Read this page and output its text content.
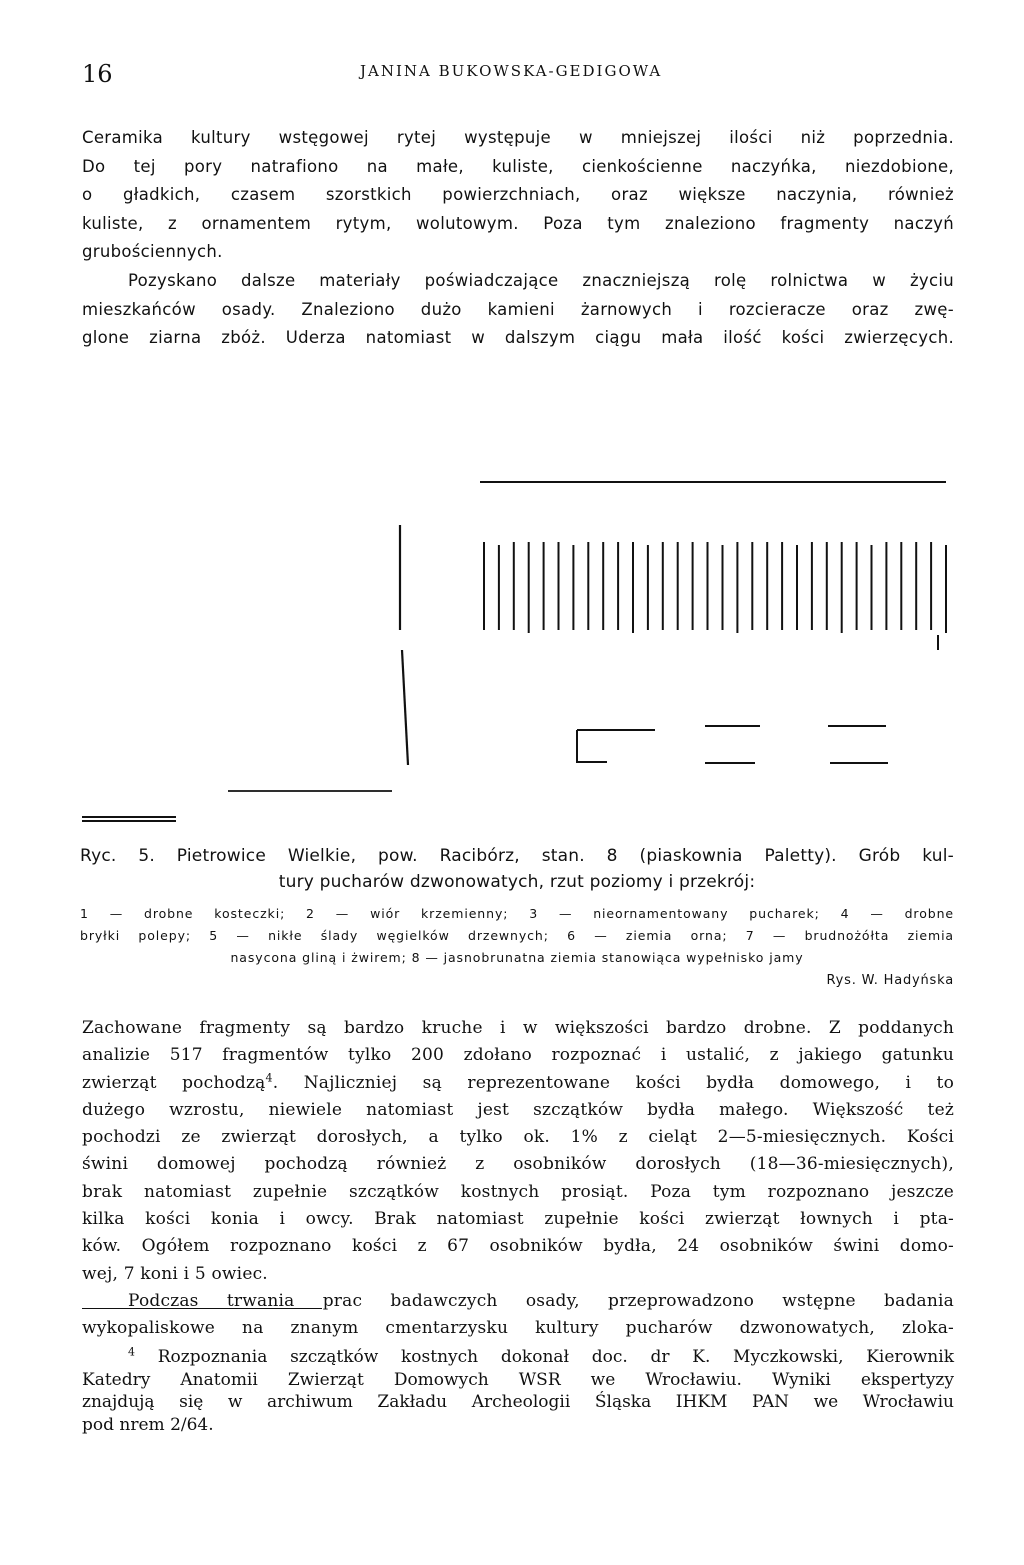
16	JANINA BUKOWSKA-GEDIGOWA
Ceramika kultury wstęgowej rytej występuje w mniejszej ilości niż poprzednia.
Do tej pory natrafiono na małe, kuliste, cienkościenne naczyńka, niezdobione,
o gładkich, czasem szorstkich powierzchniach, oraz większe naczynia, również
kuliste, z ornamentem rytym, wolutowym. Poza tym znaleziono fragmenty naczyń
grubościennych.
Pozyskano dalsze materiały poświadczające znaczniejszą rolę rolnictwa w życiu
mieszkańców osady. Znaleziono dużo kamieni żarnowych i rozcieracze oraz zwę-
glone ziarna zbóż. Uderza natomiast w dalszym ciągu mała ilość kości zwierzęcych.
Ryc. 5. Pietrowice Wielkie, pow. Racibórz, stan. 8 (piaskownia Paletty). Grób kul-
tury pucharów dzwonowatych, rzut poziomy i przekrój:
1 — drobne kosteczki; 2 — wiór krzemienny; 3 — nieornamentowany pucharek; 4 — drobne
bryłki polepy; 5 — nikłe ślady węgielków drzewnych; 6 — ziemia orna; 7 — brudnożółta ziemia
nasycona gliną i żwirem; 8 — jasnobrunatna ziemia stanowiąca wypełnisko jamy
Rys. W. Hadyńska
Zachowane fragmenty są bardzo kruche i w większości bardzo drobne. Z poddanych
analizie 517 fragmentów tylko 200 zdołano rozpoznać i ustalić, z jakiego gatunku
zwierząt pochodzą$^4$. Najliczniej są reprezentowane kości bydła domowego, i to
dużego wzrostu, niewiele natomiast jest szczątków bydła małego. Większość też
pochodzi ze zwierząt dorosłych, a tylko ok. 1% z cieląt 2—5-miesięcznych. Kości
świni domowej pochodzą również z osobników dorosłych (18—36-miesięcznych),
brak natomiast zupełnie szczątków kostnych prosiąt. Poza tym rozpoznano jeszcze
kilka kości konia i owcy. Brak natomiast zupełnie kości zwierząt łownych i pta-
ków. Ogółem rozpoznano kości z 67 osobników bydła, 24 osobników świni domo-
wej, 7 koni i 5 owiec.
Podczas trwania prac badawczych osady, przeprowadzono wstępne badania
wykopaliskowe na znanym cmentarzysku kultury pucharów dzwonowatych, zloka-
$^4$ Rozpoznania szczątków kostnych dokonał doc. dr K. Myczkowski, Kierownik
Katedry Anatomii Zwierząt Domowych WSR we Wrocławiu. Wyniki ekspertyzy
znajdują się w archiwum Zakładu Archeologii Śląska IHKM PAN we Wrocławiu
pod nrem 2/64.
